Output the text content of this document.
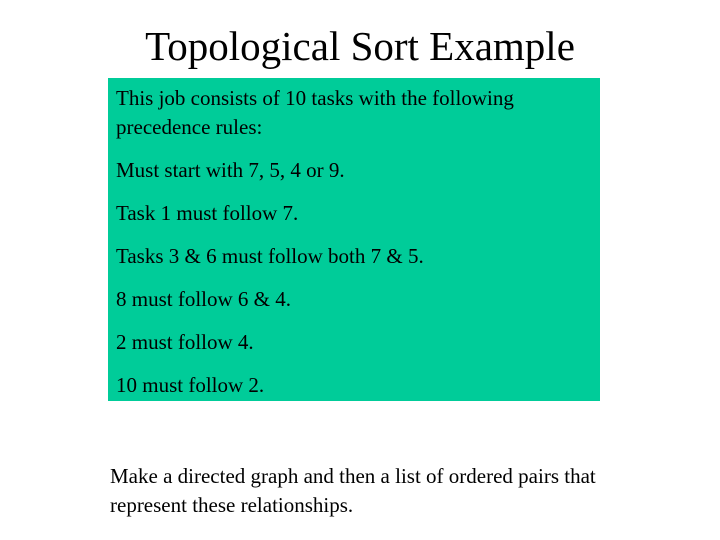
Topological Sort Example

This job consists of 10 tasks with the following precedence rules:

Must start with 7, 5, 4 or 9.

Task 1 must follow 7.

Tasks 3 & 6 must follow both 7 & 5.

8 must follow 6 & 4.

2 must follow 4.

10 must follow 2.

Make a directed graph and then a list of ordered pairs that represent these relationships.
